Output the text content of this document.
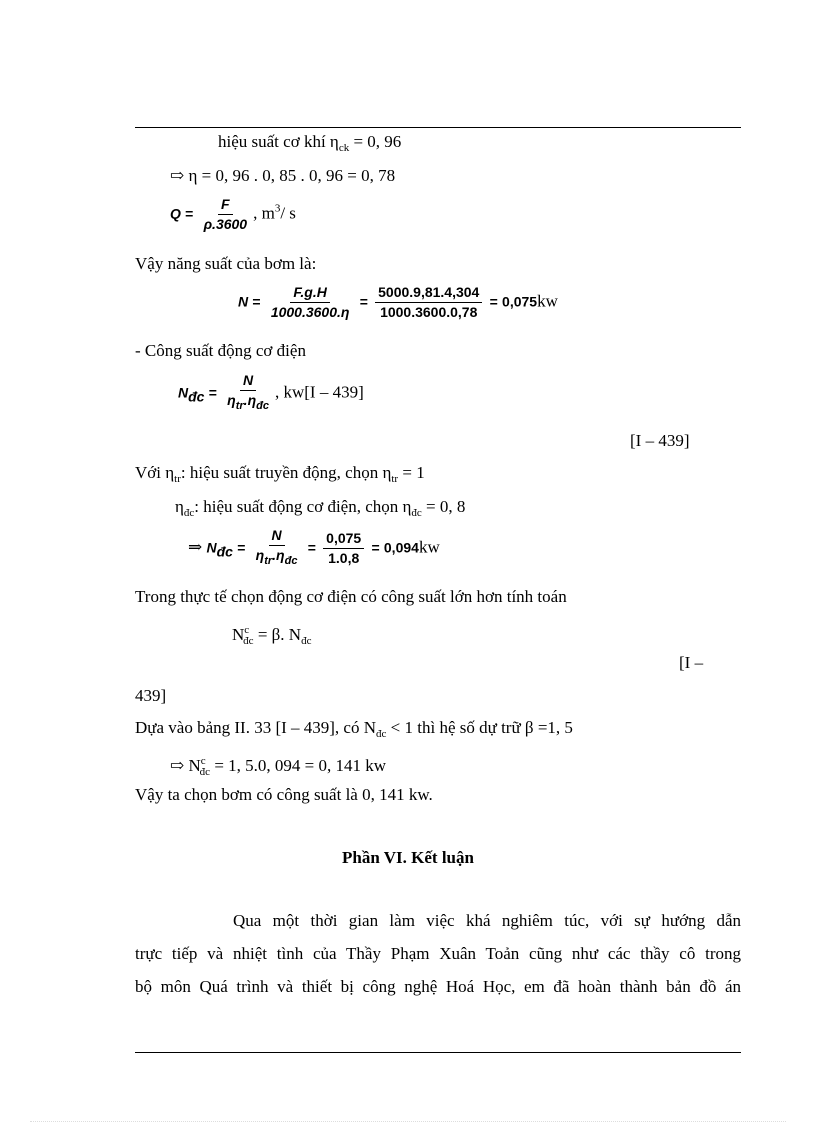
hiệu suất cơ khí $\eta_{ck} = 0$, 96
⇨ η = 0, 96 . 0, 85 . 0, 96 = 0, 78
$Q = \frac{F}{\rho.3600}$ , $m^3/$ s
Vậy năng suất của bơm là:
$N = \frac{F.g.H}{1000.3600.\eta} = \frac{5000.9,81.4,304}{1000.3600.0,78} = 0,075kw$
- Công suất động cơ điện
$N_{đc} = \frac{N}{\eta_{tr}.\eta_{đc}}$ , kw[I – 439]
[I – 439]
Với $\eta_{tr}$: hiệu suất truyền động, chọn $\eta_{tr} = 1$
$\eta_{đc}$: hiệu suất động cơ điện, chọn $\eta_{đc} = 0$, 8
⇒ $N_{đc} = \frac{N}{\eta_{tr}.\eta_{đc}} = \frac{0,075}{1.0,8} = 0,094kw$
Trong thực tế chọn động cơ điện có công suất lớn hơn tính toán
$N^c_{đc} = \beta$. $N_{đc}$
[I –
439]
Dựa vào bảng II. 33 [I – 439], có $N_{đc} < 1$ thì hệ số dự trữ β =1, 5
⇨ $N^c_{đc} = 1$, 5.0, 094 = 0, 141 kw
Vậy ta chọn bơm có công suất là 0, 141 kw.
Phần VI. Kết luận
Qua một thời gian làm việc khá nghiêm túc, với sự hướng dẫn
trực tiếp và nhiệt tình của Thầy Phạm Xuân Toản cũng như các thầy cô trong
bộ môn Quá trình và thiết bị công nghệ Hoá Học, em đã hoàn thành bản đồ án
